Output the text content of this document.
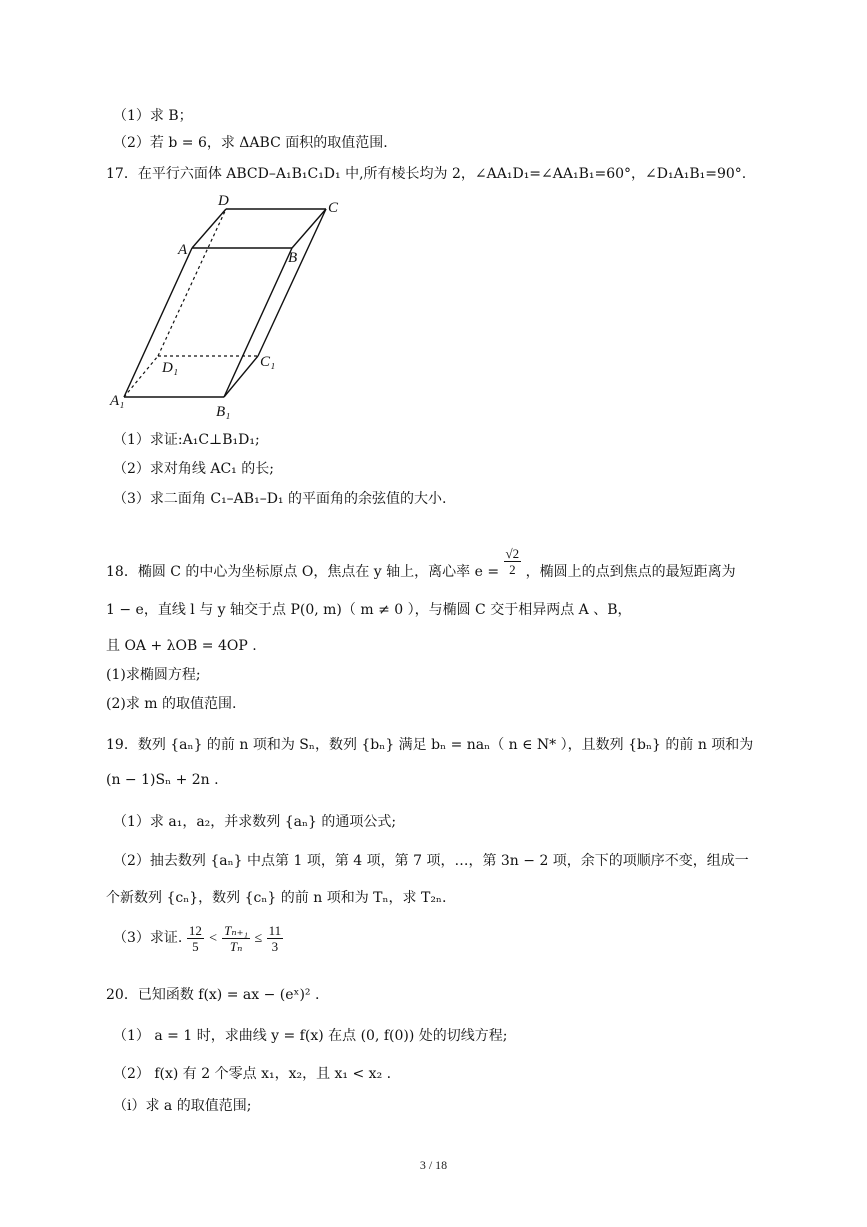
（1）求 B；
（2）若 b = 6，求 ΔABC 面积的取值范围.
17．在平行六面体 ABCD–A₁B₁C₁D₁ 中,所有棱长均为 2，∠AA₁D₁=∠AA₁B₁=60°，∠D₁A₁B₁=90°.
D	C
A	B
D₁	C₁
A₁
B₁
（1）求证:A₁C⊥B₁D₁;
（2）求对角线 AC₁ 的长;
（3）求二面角 C₁–AB₁–D₁ 的平面角的余弦值的大小.
18．椭圆 C 的中心为坐标原点 O，焦点在 y 轴上，离心率 $e = \frac{√2}{2}$ ，椭圆上的点到焦点的最短距离为
1 − e，直线 l 与 y 轴交于点 P(0, m)（ m ≠ 0 ），与椭圆 C 交于相异两点 A 、B，
且 OA + λOB = 4OP .
(1)求椭圆方程;
(2)求 m 的取值范围.
19．数列 {aₙ} 的前 n 项和为 Sₙ，数列 {bₙ} 满足 bₙ = naₙ（ n ∈ N* ），且数列 {bₙ} 的前 n 项和为
(n − 1)Sₙ + 2n .
（1）求 a₁，a₂，并求数列 {aₙ} 的通项公式;
（2）抽去数列 {aₙ} 中点第 1 项，第 4 项，第 7 项，…，第 3n − 2 项，余下的项顺序不变，组成一
个新数列 {cₙ}，数列 {cₙ} 的前 n 项和为 Tₙ，求 T₂ₙ.
（3）求证. $\frac{12}{5} < \frac{\text{Tₙ₊₁}}{\text{Tₙ}} \le \frac{11}{3}$
20．已知函数 f(x) = ax − (eˣ)² .
（1） a = 1 时，求曲线 y = f(x) 在点 (0, f(0)) 处的切线方程;
（2） f(x) 有 2 个零点 x₁，x₂，且 x₁ < x₂ .
（i）求 a 的取值范围;
3 / 18
